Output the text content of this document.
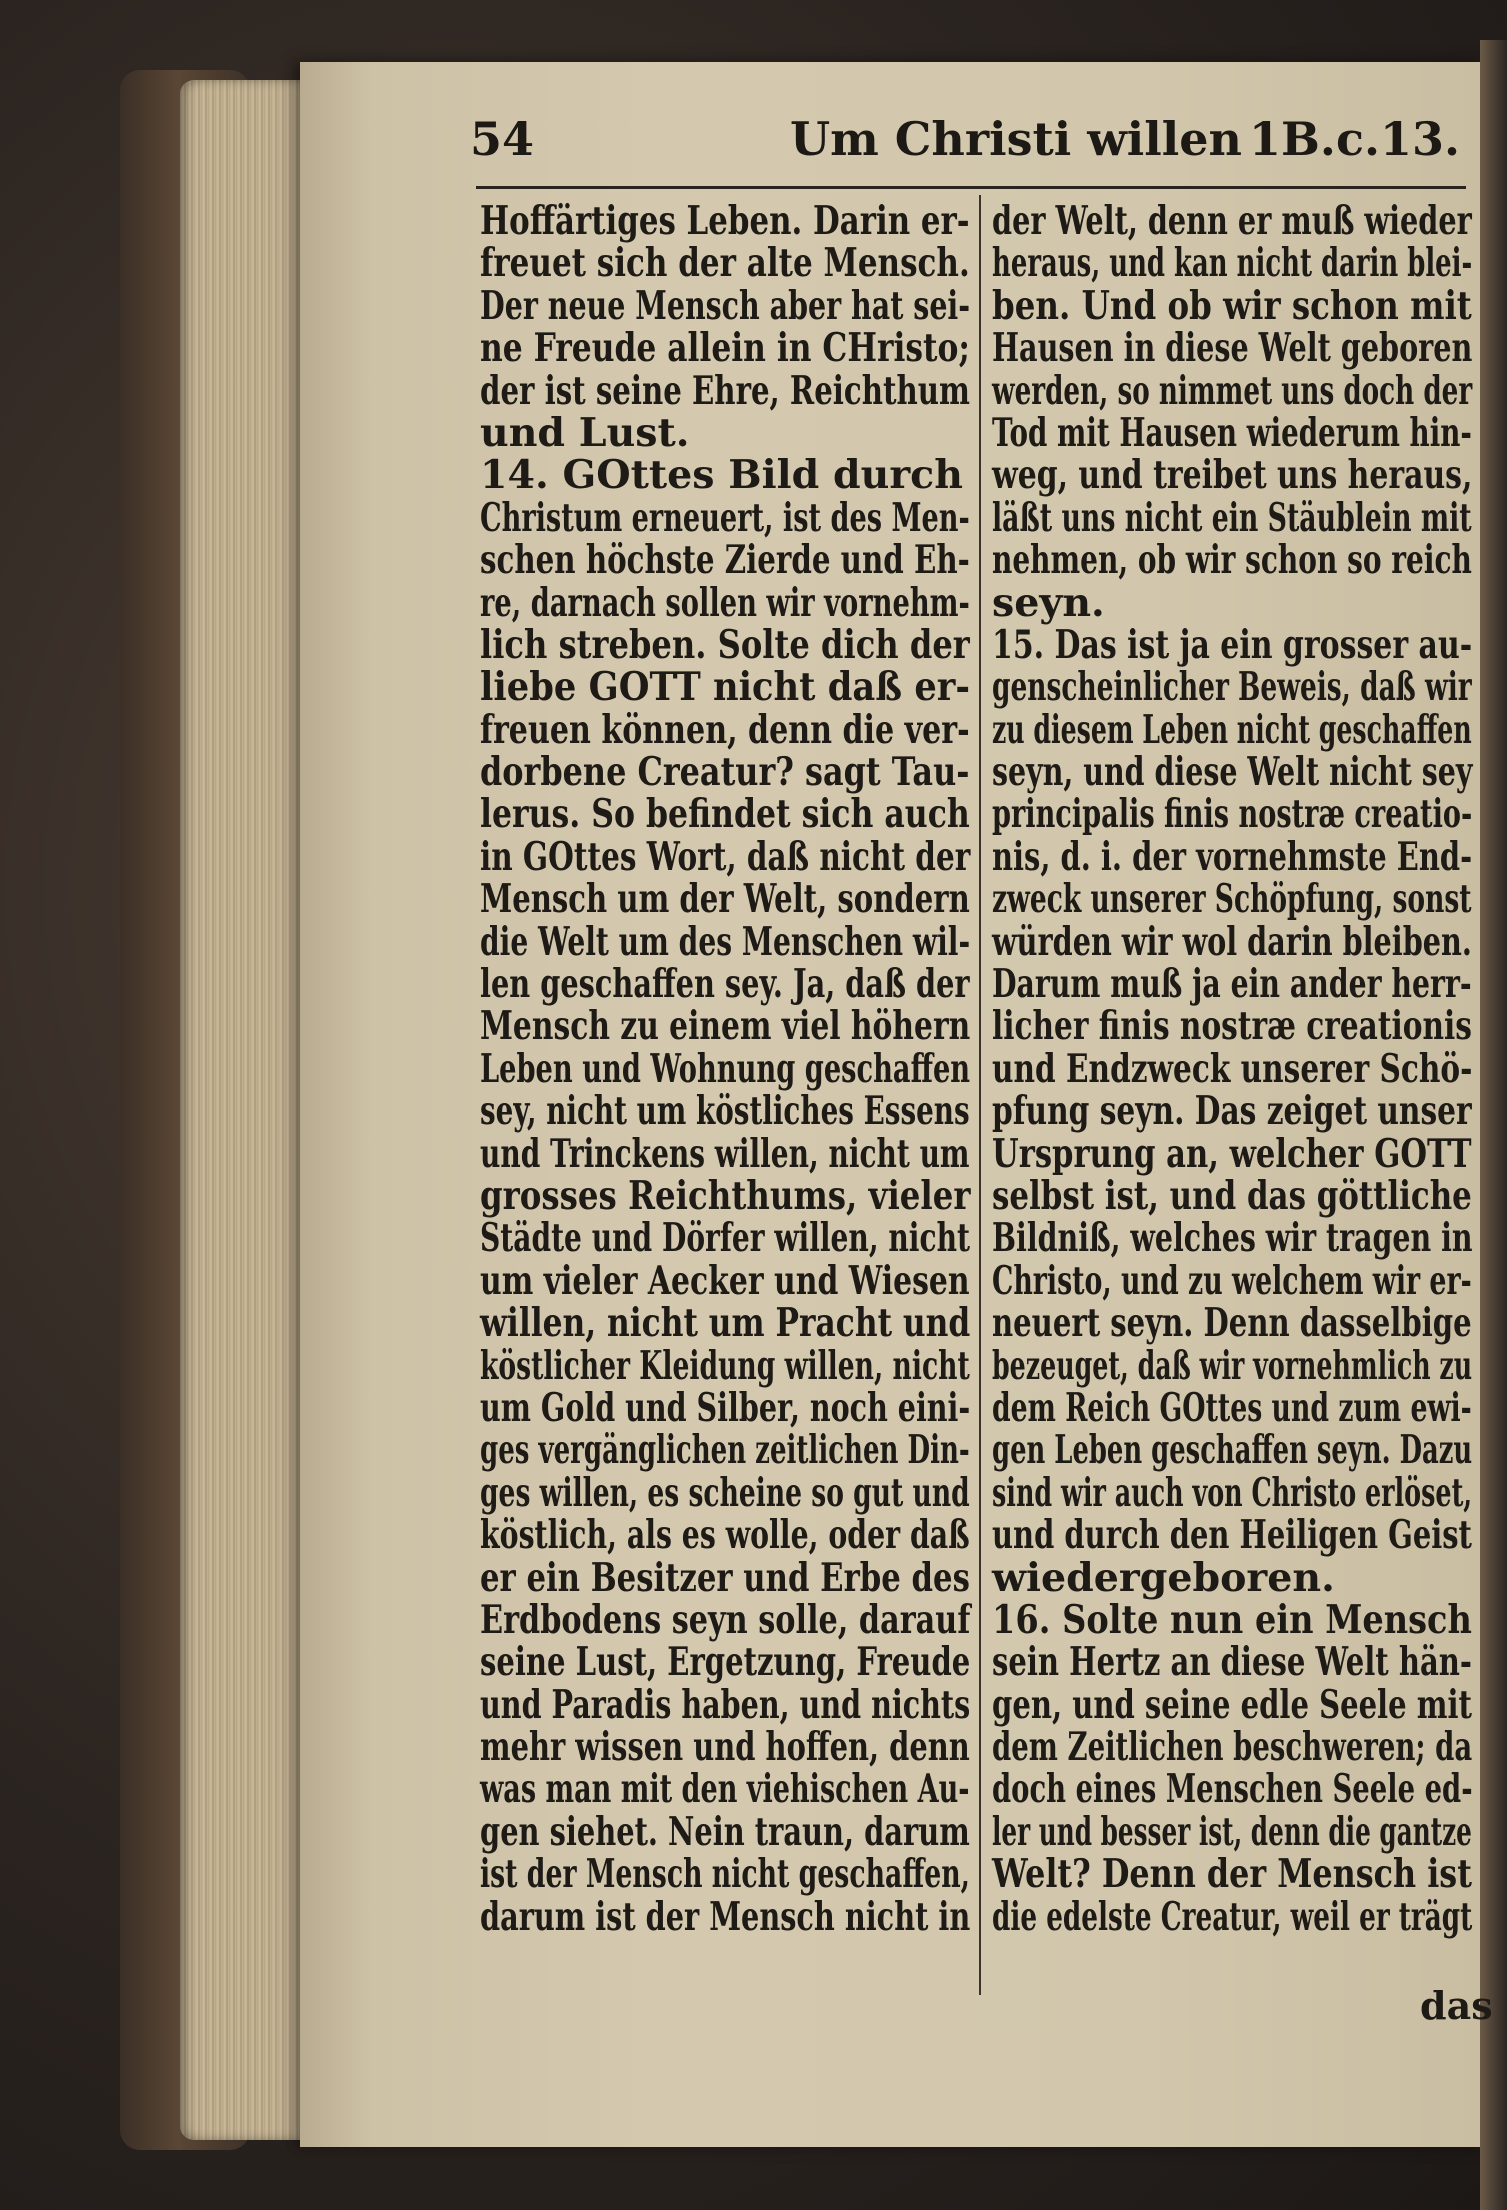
54	Um Christi willen 1B.c.13.
Hoffärtiges Leben. Darin er-
freuet sich der alte Mensch.
Der neue Mensch aber hat sei-
ne Freude allein in CHristo;
der ist seine Ehre, Reichthum
und Lust.
14. GOttes Bild durch
Christum erneuert, ist des Men-
schen höchste Zierde und Eh-
re, darnach sollen wir vornehm-
lich streben. Solte dich der
liebe GOTT nicht daß er-
freuen können, denn die ver-
dorbene Creatur? sagt Tau-
lerus. So befindet sich auch
in GOttes Wort, daß nicht der
Mensch um der Welt, sondern
die Welt um des Menschen wil-
len geschaffen sey. Ja, daß der
Mensch zu einem viel höhern
Leben und Wohnung geschaffen
sey, nicht um köstliches Essens
und Trinckens willen, nicht um
grosses Reichthums, vieler
Städte und Dörfer willen, nicht
um vieler Aecker und Wiesen
willen, nicht um Pracht und
köstlicher Kleidung willen, nicht
um Gold und Silber, noch eini-
ges vergänglichen zeitlichen Din-
ges willen, es scheine so gut und
köstlich, als es wolle, oder daß
er ein Besitzer und Erbe des
Erdbodens seyn solle, darauf
seine Lust, Ergetzung, Freude
und Paradis haben, und nichts
mehr wissen und hoffen, denn
was man mit den viehischen Au-
gen siehet. Nein traun, darum
ist der Mensch nicht geschaffen,
darum ist der Mensch nicht in
der Welt, denn er muß wieder
heraus, und kan nicht darin blei-
ben. Und ob wir schon mit
Hausen in diese Welt geboren
werden, so nimmet uns doch der
Tod mit Hausen wiederum hin-
weg, und treibet uns heraus,
läßt uns nicht ein Stäublein mit
nehmen, ob wir schon so reich
seyn.
15. Das ist ja ein grosser au-
genscheinlicher Beweis, daß wir
zu diesem Leben nicht geschaffen
seyn, und diese Welt nicht sey
principalis finis nostræ creatio-
nis, d. i. der vornehmste End-
zweck unserer Schöpfung, sonst
würden wir wol darin bleiben.
Darum muß ja ein ander herr-
licher finis nostræ creationis
und Endzweck unserer Schö-
pfung seyn. Das zeiget unser
Ursprung an, welcher GOTT
selbst ist, und das göttliche
Bildniß, welches wir tragen in
Christo, und zu welchem wir er-
neuert seyn. Denn dasselbige
bezeuget, daß wir vornehmlich zu
dem Reich GOttes und zum ewi-
gen Leben geschaffen seyn. Dazu
sind wir auch von Christo erlöset,
und durch den Heiligen Geist
wiedergeboren.
16. Solte nun ein Mensch
sein Hertz an diese Welt hän-
gen, und seine edle Seele mit
dem Zeitlichen beschweren; da
doch eines Menschen Seele ed-
ler und besser ist, denn die gantze
Welt? Denn der Mensch ist
die edelste Creatur, weil er trägt
das
